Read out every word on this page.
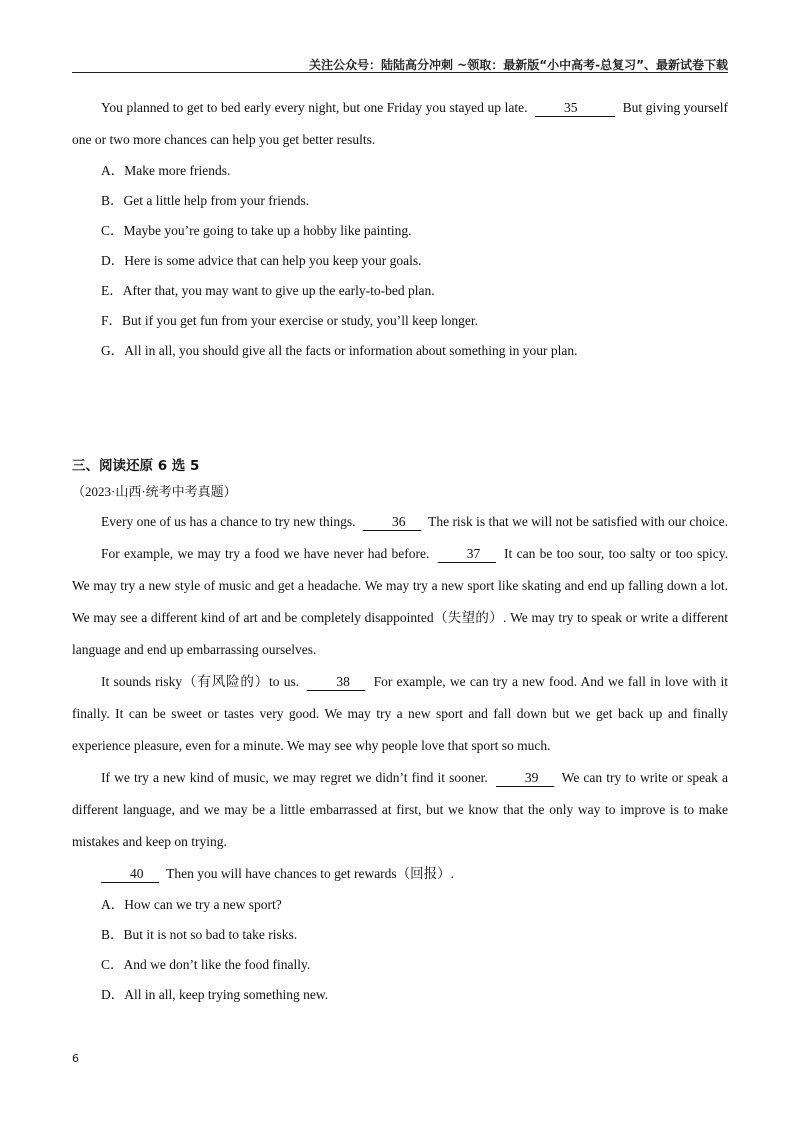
关注公众号：陆陆高分冲刺 ~领取：最新版“小中高考-总复习”、最新试卷下载

You planned to get to bed early every night, but one Friday you stayed up late.	35	But giving yourself one or two more chances can help you get better results.

A．Make more friends.

B．Get a little help from your friends.

C．Maybe you’re going to take up a hobby like painting.

D．Here is some advice that can help you keep your goals.

E．After that, you may want to give up the early-to-bed plan.

F．But if you get fun from your exercise or study, you’ll keep longer.

G．All in all, you should give all the facts or information about something in your plan.

三、阅读还原 6 选 5

（2023·山西·统考中考真题）

Every one of us has a chance to try new things.	36 The risk is that we will not be satisfied with our choice.

For example, we may try a food we have never had before.	37 It can be too sour, too salty or too spicy. We may try a new style of music and get a headache. We may try a new sport like skating and end up falling down a lot. We may see a different kind of art and be completely disappointed（失望的）. We may try to speak or write a different language and end up embarrassing ourselves.

It sounds risky（有风险的）to us.	38 For example, we can try a new food. And we fall in love with it finally. It can be sweet or tastes very good. We may try a new sport and fall down but we get back up and finally experience pleasure, even for a minute. We may see why people love that sport so much.

If we try a new kind of music, we may regret we didn’t find it sooner.	39 We can try to write or speak a different language, and we may be a little embarrassed at first, but we know that the only way to improve is to make mistakes and keep on trying.

40 Then you will have chances to get rewards（回报）.

A．How can we try a new sport?

B．But it is not so bad to take risks.

C．And we don’t like the food finally.

D．All in all, keep trying something new.

6
